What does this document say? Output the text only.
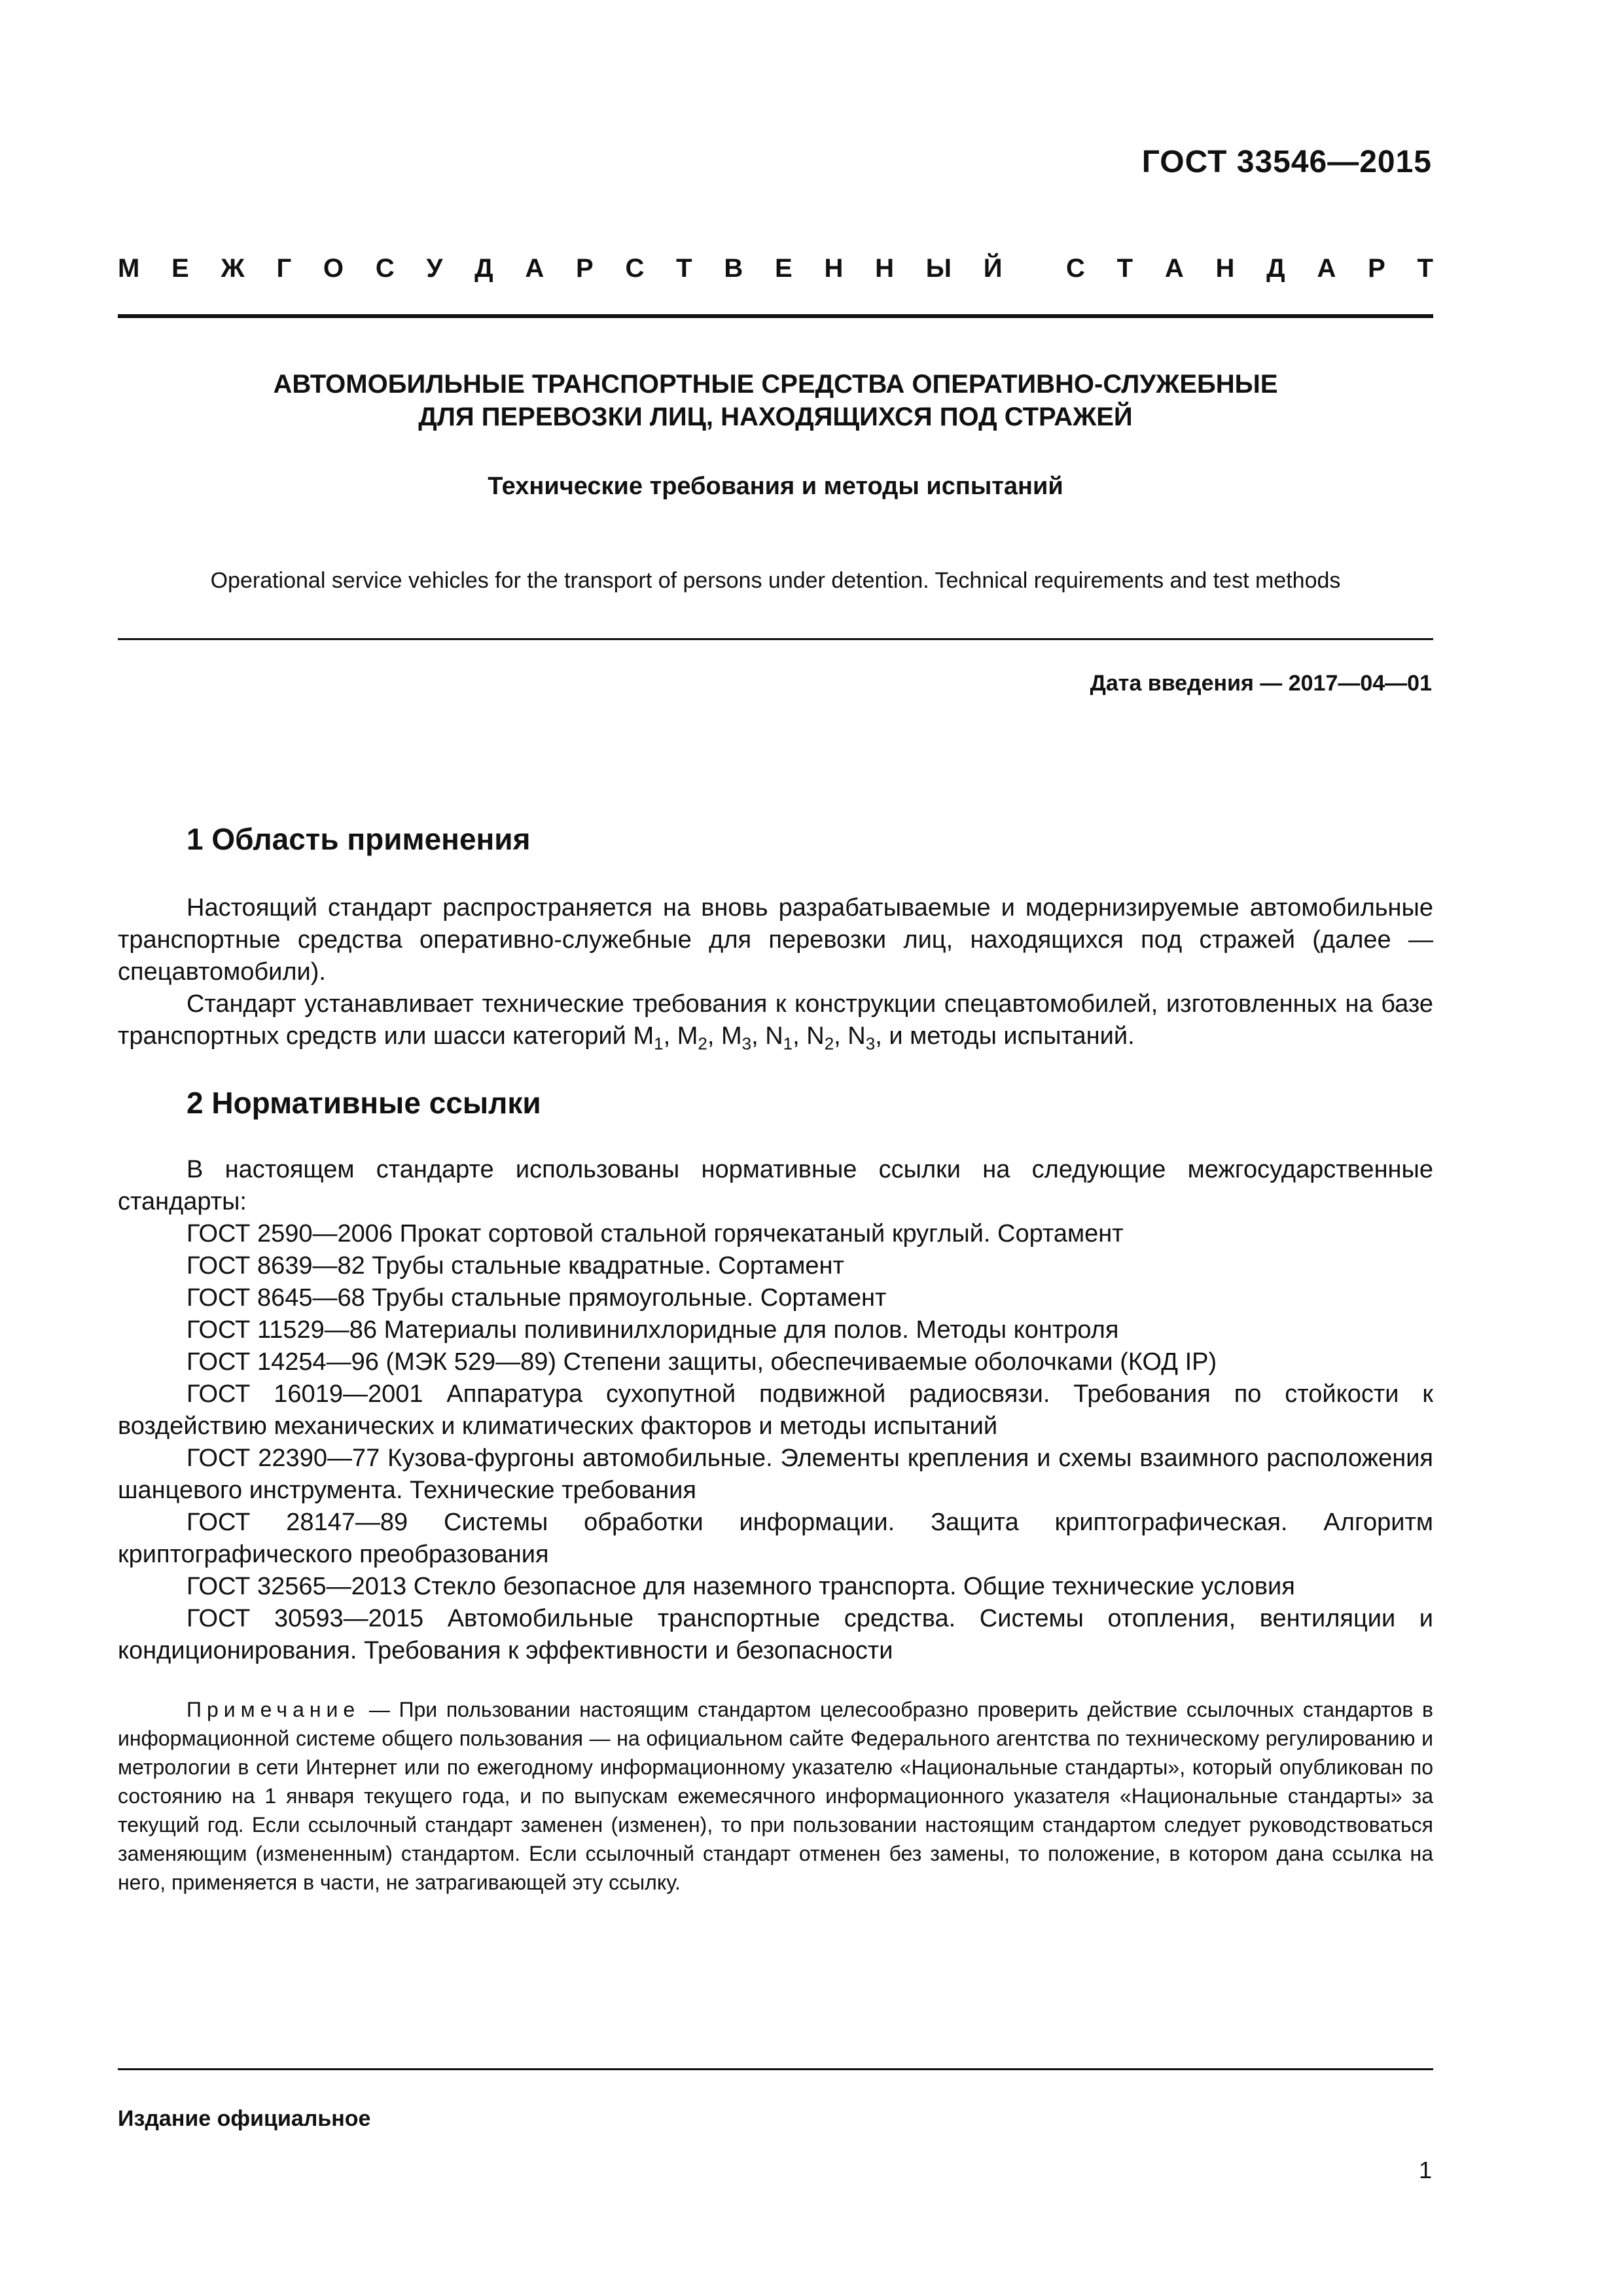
ГОСТ 33546—2015
М Е Ж Г О С У Д А Р С Т В Е Н Н Ы Й С Т А Н Д А Р Т
АВТОМОБИЛЬНЫЕ ТРАНСПОРТНЫЕ СРЕДСТВА ОПЕРАТИВНО-СЛУЖЕБНЫЕ
ДЛЯ ПЕРЕВОЗКИ ЛИЦ, НАХОДЯЩИХСЯ ПОД СТРАЖЕЙ
Технические требования и методы испытаний
Operational service vehicles for the transport of persons under detention. Technical requirements and test methods
Дата введения — 2017—04—01
1 Область применения

Настоящий стандарт распространяется на вновь разрабатываемые и модернизируемые автомобильные транспортные средства оперативно-служебные для перевозки лиц, находящихся под стражей (далее — спецавтомобили).

Стандарт устанавливает технические требования к конструкции спецавтомобилей, изготовленных на базе транспортных средств или шасси категорий $M_1$, $M_2$, $M_3$, $N_1$, $N_2$, $N_3$, и методы испытаний.

2 Нормативные ссылки

В настоящем стандарте использованы нормативные ссылки на следующие межгосударственные стандарты:

ГОСТ 2590—2006 Прокат сортовой стальной горячекатаный круглый. Сортамент

ГОСТ 8639—82 Трубы стальные квадратные. Сортамент

ГОСТ 8645—68 Трубы стальные прямоугольные. Сортамент

ГОСТ 11529—86 Материалы поливинилхлоридные для полов. Методы контроля

ГОСТ 14254—96 (МЭК 529—89) Степени защиты, обеспечиваемые оболочками (КОД IP)

ГОСТ 16019—2001 Аппаратура сухопутной подвижной радиосвязи. Требования по стойкости к воздействию механических и климатических факторов и методы испытаний

ГОСТ 22390—77 Кузова-фургоны автомобильные. Элементы крепления и схемы взаимного расположения шанцевого инструмента. Технические требования

ГОСТ 28147—89 Системы обработки информации. Защита криптографическая. Алгоритм криптографического преобразования

ГОСТ 32565—2013 Стекло безопасное для наземного транспорта. Общие технические условия

ГОСТ 30593—2015 Автомобильные транспортные средства. Системы отопления, вентиляции и кондиционирования. Требования к эффективности и безопасности

Примечание — При пользовании настоящим стандартом целесообразно проверить действие ссылочных стандартов в информационной системе общего пользования — на официальном сайте Федерального агентства по техническому регулированию и метрологии в сети Интернет или по ежегодному информационному указателю «Национальные стандарты», который опубликован по состоянию на 1 января текущего года, и по выпускам ежемесячного информационного указателя «Национальные стандарты» за текущий год. Если ссылочный стандарт заменен (изменен), то при пользовании настоящим стандартом следует руководствоваться заменяющим (измененным) стандартом. Если ссылочный стандарт отменен без замены, то положение, в котором дана ссылка на него, применяется в части, не затрагивающей эту ссылку.

Издание официальное
1
